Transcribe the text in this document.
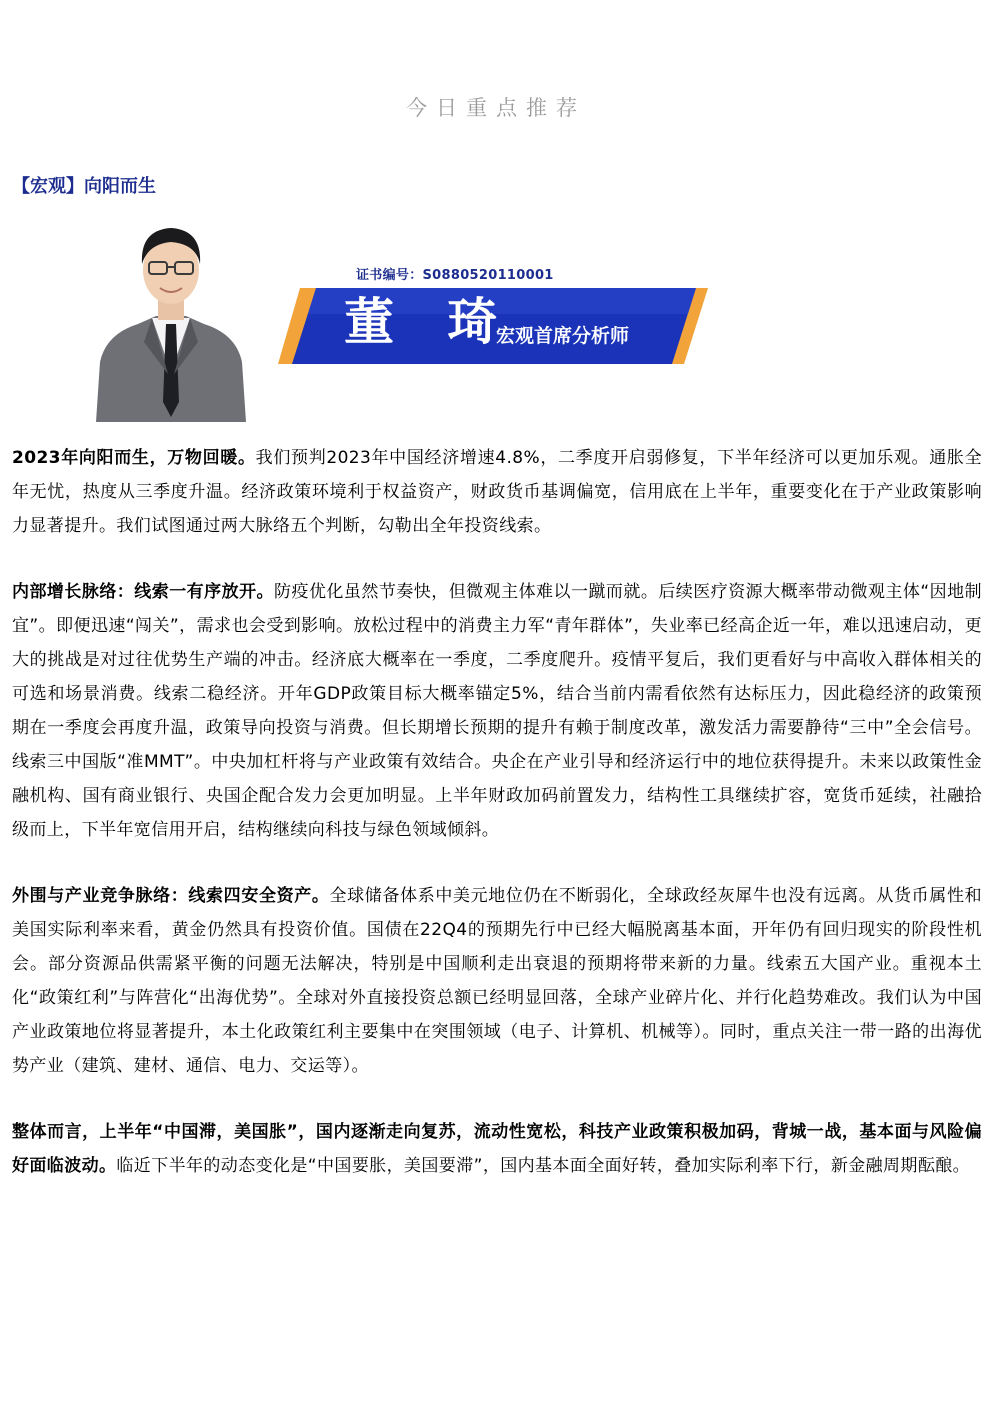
今日重点推荐
【宏观】向阳而生
证书编号：S0880520110001
董 琦
宏观首席分析师

2023年向阳而生，万物回暖。我们预判2023年中国经济增速4.8%，二季度开启弱修复，下半年经济可以更加乐观。通胀全年无忧，热度从三季度升温。经济政策环境利于权益资产，财政货币基调偏宽，信用底在上半年，重要变化在于产业政策影响力显著提升。我们试图通过两大脉络五个判断，勾勒出全年投资线索。

内部增长脉络：线索一有序放开。防疫优化虽然节奏快，但微观主体难以一蹴而就。后续医疗资源大概率带动微观主体“因地制宜”。即便迅速“闯关”，需求也会受到影响。放松过程中的消费主力军“青年群体”，失业率已经高企近一年，难以迅速启动，更大的挑战是对过往优势生产端的冲击。经济底大概率在一季度，二季度爬升。疫情平复后，我们更看好与中高收入群体相关的可选和场景消费。线索二稳经济。开年GDP政策目标大概率锚定5%，结合当前内需看依然有达标压力，因此稳经济的政策预期在一季度会再度升温，政策导向投资与消费。但长期增长预期的提升有赖于制度改革，激发活力需要静待“三中”全会信号。线索三中国版“准MMT”。中央加杠杆将与产业政策有效结合。央企在产业引导和经济运行中的地位获得提升。未来以政策性金融机构、国有商业银行、央国企配合发力会更加明显。上半年财政加码前置发力，结构性工具继续扩容，宽货币延续，社融拾级而上，下半年宽信用开启，结构继续向科技与绿色领域倾斜。

外围与产业竞争脉络：线索四安全资产。全球储备体系中美元地位仍在不断弱化，全球政经灰犀牛也没有远离。从货币属性和美国实际利率来看，黄金仍然具有投资价值。国债在22Q4的预期先行中已经大幅脱离基本面，开年仍有回归现实的阶段性机会。部分资源品供需紧平衡的问题无法解决，特别是中国顺利走出衰退的预期将带来新的力量。线索五大国产业。重视本土化“政策红利”与阵营化“出海优势”。全球对外直接投资总额已经明显回落，全球产业碎片化、并行化趋势难改。我们认为中国产业政策地位将显著提升，本土化政策红利主要集中在突围领域（电子、计算机、机械等）。同时，重点关注一带一路的出海优势产业（建筑、建材、通信、电力、交运等）。

整体而言，上半年“中国滞，美国胀”，国内逐渐走向复苏，流动性宽松，科技产业政策积极加码，背城一战，基本面与风险偏好面临波动。临近下半年的动态变化是“中国要胀，美国要滞”，国内基本面全面好转，叠加实际利率下行，新金融周期酝酿。
